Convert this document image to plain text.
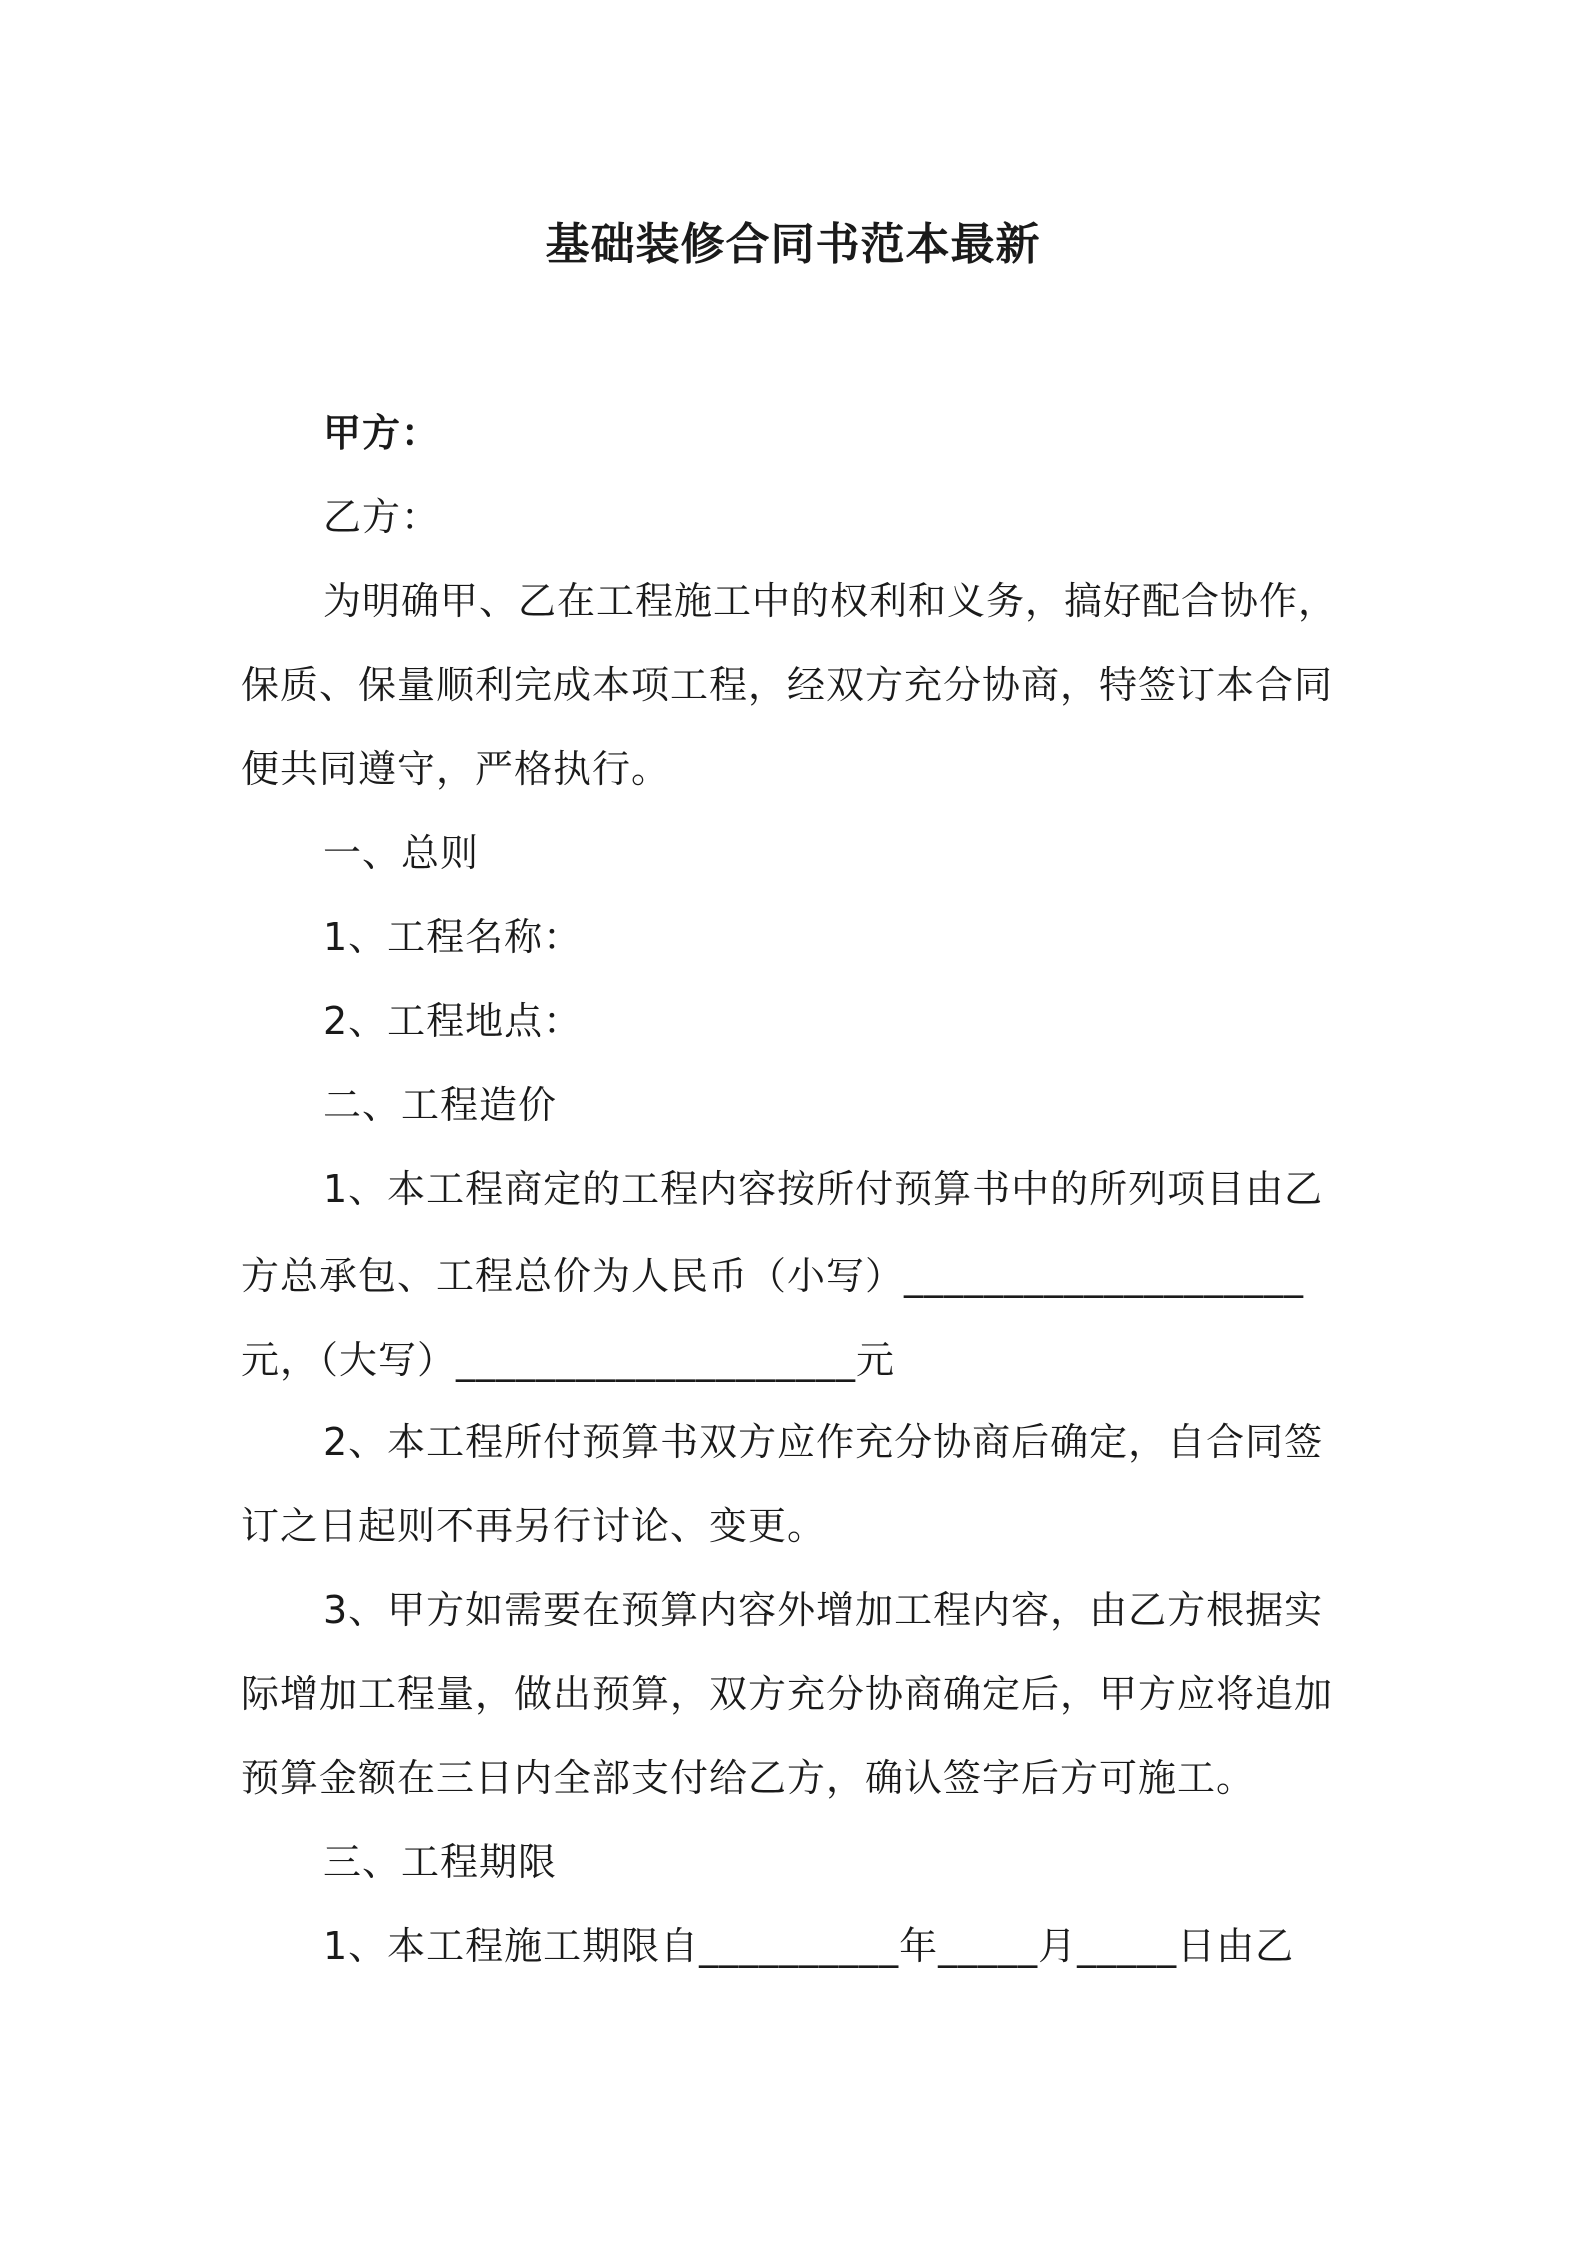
基础装修合同书范本最新
甲方：
乙方：
为明确甲、乙在工程施工中的权利和义务，搞好配合协作，
保质、保量顺利完成本项工程，经双方充分协商，特签订本合同
便共同遵守，严格执行。
一、总则
1、工程名称：
2、工程地点：
二、工程造价
1、本工程商定的工程内容按所付预算书中的所列项目由乙
方总承包、工程总价为人民币（小写）____________________
元，（大写）____________________元
2、本工程所付预算书双方应作充分协商后确定，自合同签
订之日起则不再另行讨论、变更。
3、甲方如需要在预算内容外增加工程内容，由乙方根据实
际增加工程量，做出预算，双方充分协商确定后，甲方应将追加
预算金额在三日内全部支付给乙方，确认签字后方可施工。
三、工程期限
1、本工程施工期限自__________年_____月_____日由乙
